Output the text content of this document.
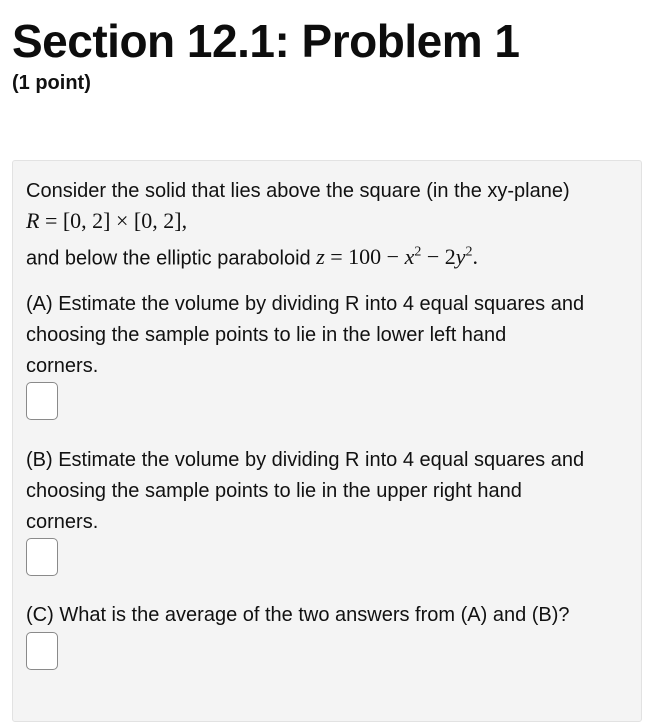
Section 12.1: Problem 1
(1 point)
Consider the solid that lies above the square (in the xy-plane)
R = [0, 2] × [0, 2],
and below the elliptic paraboloid $z = 100 - x^2 - 2y^2$.
(A) Estimate the volume by dividing R into 4 equal squares and
choosing the sample points to lie in the lower left hand
corners.
(B) Estimate the volume by dividing R into 4 equal squares and
choosing the sample points to lie in the upper right hand
corners.
(C) What is the average of the two answers from (A) and (B)?
